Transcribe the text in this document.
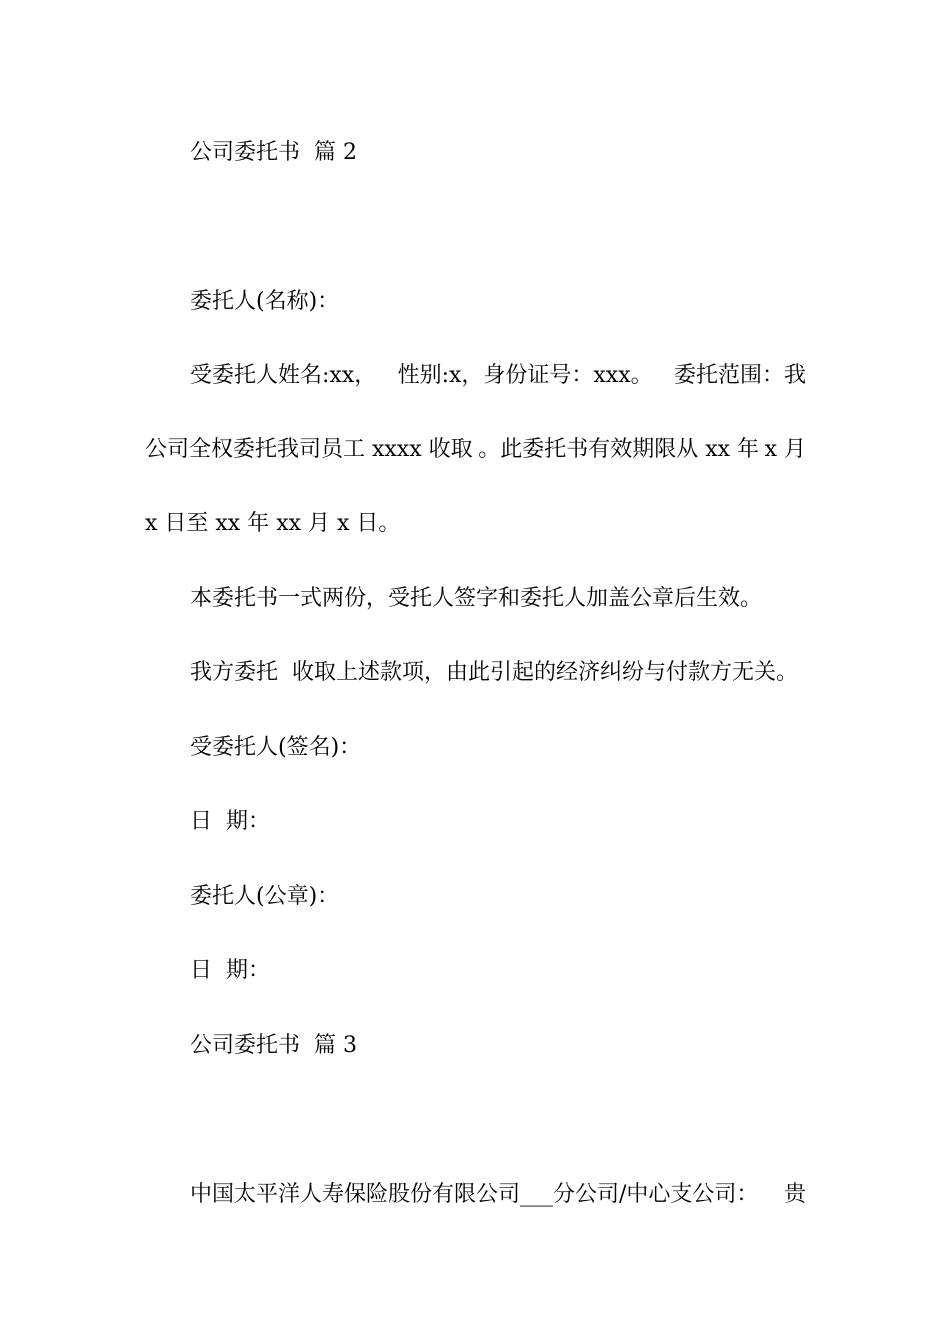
公司委托书  篇 2

委托人(名称)：

受委托人姓名:xx， 性别:x，身份证号：xxx。 委托范围：我
公司全权委托我司员工 xxxx 收取 。此委托书有效期限从 xx 年 x 月

x 日至 xx 年 xx 月 x 日。

本委托书一式两份，受托人签字和委托人加盖公章后生效。

我方委托  收取上述款项，由此引起的经济纠纷与付款方无关。

受委托人(签名)：

日  期：

委托人(公章)：

日  期：

公司委托书  篇 3

中国太平洋人寿保险股份有限公司___分公司/中心支公司： 贵
